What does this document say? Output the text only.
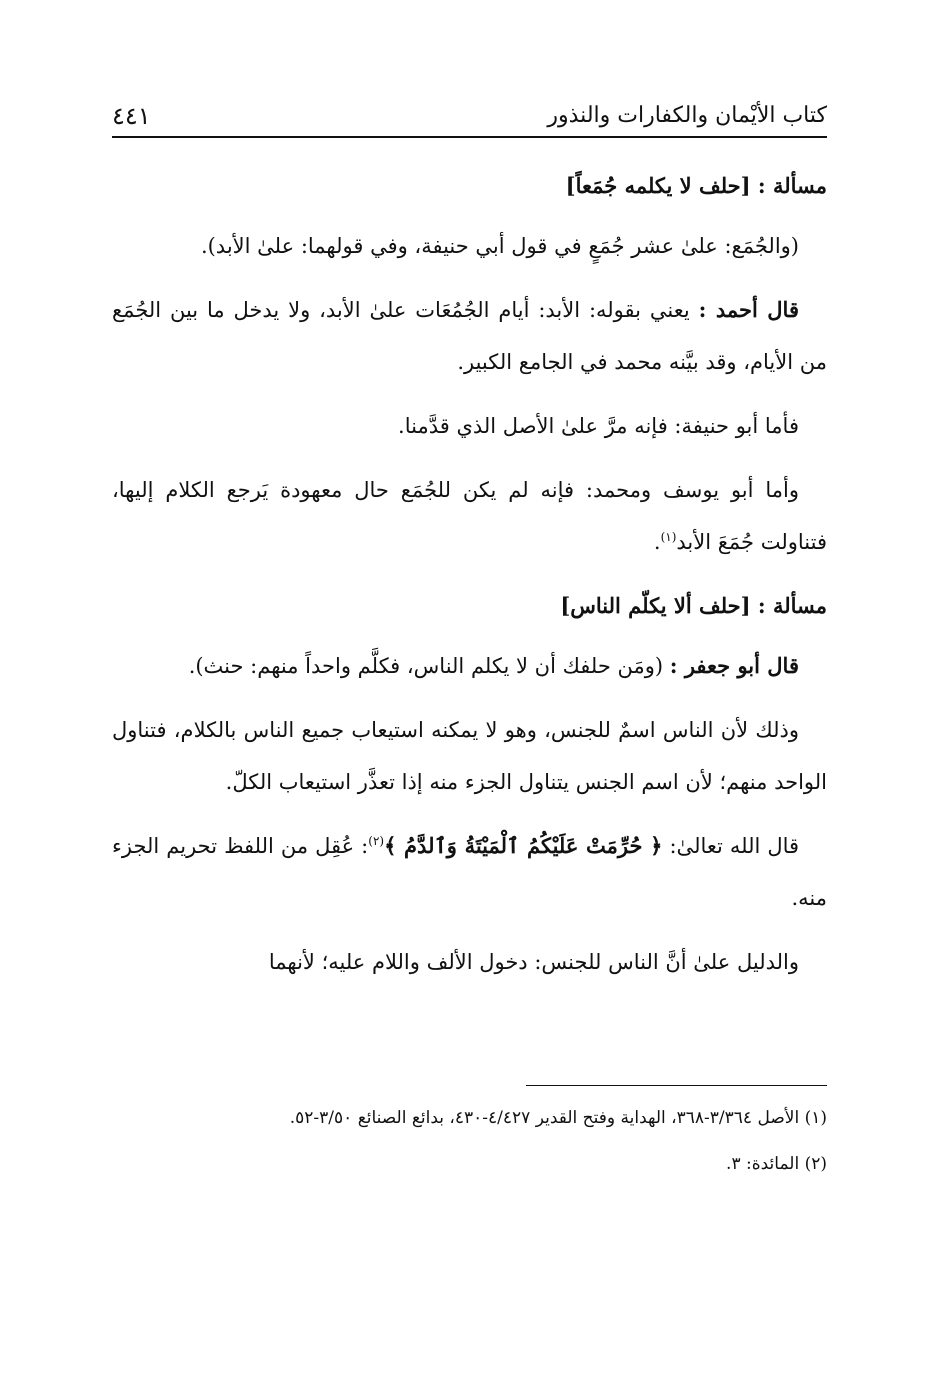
كتاب الأيْمان والكفارات والنذور
٤٤١

مسألة : [حلف لا يكلمه جُمَعاً]

(والجُمَع: علىٰ عشر جُمَعٍ في قول أبي حنيفة، وفي قولهما: علىٰ الأبد).

قال أحمد : يعني بقوله: الأبد: أيام الجُمُعَات علىٰ الأبد، ولا يدخل ما بين الجُمَع من الأيام، وقد بيَّنه محمد في الجامع الكبير.

فأما أبو حنيفة: فإنه مرَّ علىٰ الأصل الذي قدَّمنا.

وأما أبو يوسف ومحمد: فإنه لم يكن للجُمَع حال معهودة يَرجع الكلام إليها، فتناولت جُمَعَ الأبد$^{(١)}$.

مسألة : [حلف ألا يكلّم الناس]

قال أبو جعفر : (ومَن حلفك أن لا يكلم الناس، فكلَّم واحداً منهم: حنث).

وذلك لأن الناس اسمٌ للجنس، وهو لا يمكنه استيعاب جميع الناس بالكلام، فتناول الواحد منهم؛ لأن اسم الجنس يتناول الجزء منه إذا تعذَّر استيعاب الكلّ.

قال الله تعالىٰ: ﴿ حُرِّمَتْ عَلَيْكُمُ ٱلْمَيْتَةُ وَٱلدَّمُ ﴾$^{(٢)}$: عُقِل من اللفظ تحريم الجزء منه.

والدليل علىٰ أنَّ الناس للجنس: دخول الألف واللام عليه؛ لأنهما

(١) الأصل ٣/٣٦٤-٣٦٨، الهداية وفتح القدير ٤/٤٢٧-٤٣٠، بدائع الصنائع ٣/٥٠-٥٢.

(٢) المائدة: ٣.
